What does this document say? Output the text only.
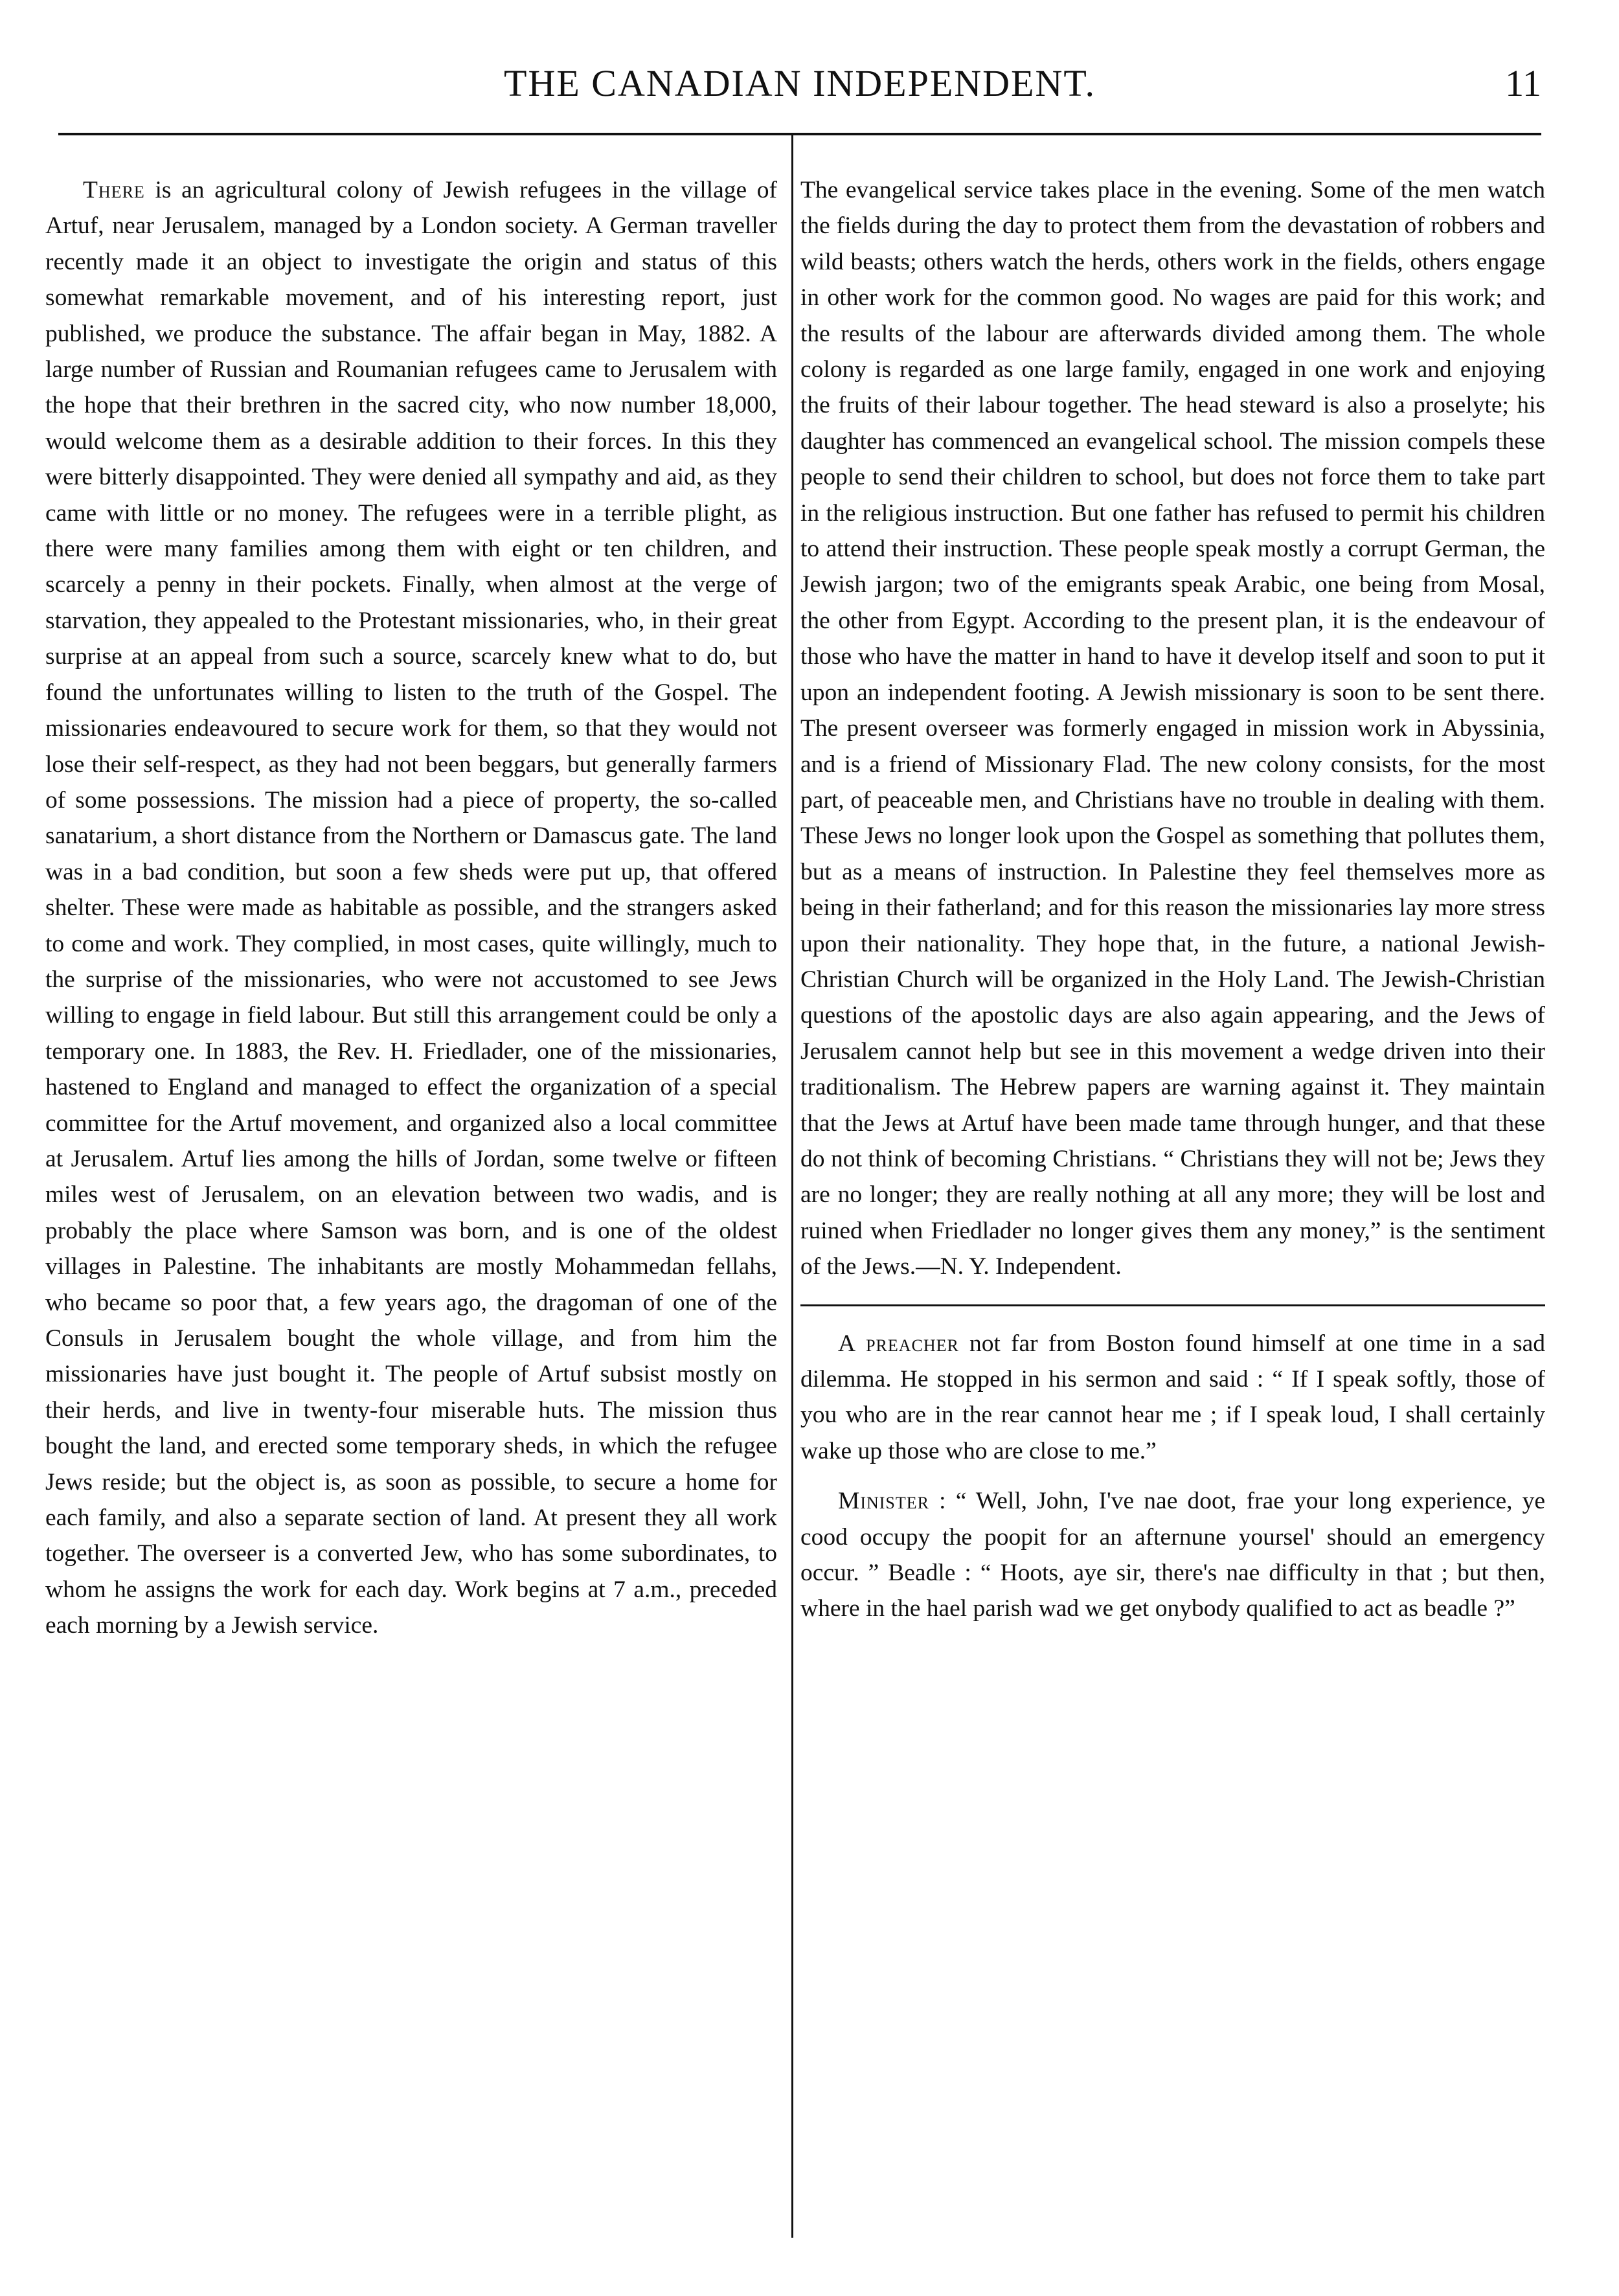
THE CANADIAN INDEPENDENT.	11

There is an agricultural colony of Jewish refugees in the village of Artuf, near Jerusalem, managed by a London society. A German traveller recently made it an object to investigate the origin and status of this somewhat remarkable movement, and of his interesting report, just published, we produce the substance. The affair began in May, 1882. A large number of Russian and Roumanian refugees came to Jerusalem with the hope that their brethren in the sacred city, who now number 18,000, would welcome them as a desirable addition to their forces. In this they were bitterly disappointed. They were denied all sympathy and aid, as they came with little or no money. The refugees were in a terrible plight, as there were many families among them with eight or ten children, and scarcely a penny in their pockets. Finally, when almost at the verge of starvation, they appealed to the Protestant missionaries, who, in their great surprise at an appeal from such a source, scarcely knew what to do, but found the unfortunates willing to listen to the truth of the Gospel. The missionaries endeavoured to secure work for them, so that they would not lose their self-respect, as they had not been beggars, but generally farmers of some possessions. The mission had a piece of property, the so-called sanatarium, a short distance from the Northern or Damascus gate. The land was in a bad condition, but soon a few sheds were put up, that offered shelter. These were made as habitable as possible, and the strangers asked to come and work. They complied, in most cases, quite willingly, much to the surprise of the missionaries, who were not accustomed to see Jews willing to engage in field labour. But still this arrangement could be only a temporary one. In 1883, the Rev. H. Friedlader, one of the missionaries, hastened to England and managed to effect the organization of a special committee for the Artuf movement, and organized also a local committee at Jerusalem. Artuf lies among the hills of Jordan, some twelve or fifteen miles west of Jerusalem, on an elevation between two wadis, and is probably the place where Samson was born, and is one of the oldest villages in Palestine. The inhabitants are mostly Mohammedan fellahs, who became so poor that, a few years ago, the dragoman of one of the Consuls in Jerusalem bought the whole village, and from him the missionaries have just bought it. The people of Artuf subsist mostly on their herds, and live in twenty-four miserable huts. The mission thus bought the land, and erected some temporary sheds, in which the refugee Jews reside; but the object is, as soon as possible, to secure a home for each family, and also a separate section of land. At present they all work together. The overseer is a converted Jew, who has some subordinates, to whom he assigns the work for each day. Work begins at 7 a.m., preceded each morning by a Jewish service.

The evangelical service takes place in the evening. Some of the men watch the fields during the day to protect them from the devastation of robbers and wild beasts; others watch the herds, others work in the fields, others engage in other work for the common good. No wages are paid for this work; and the results of the labour are afterwards divided among them. The whole colony is regarded as one large family, engaged in one work and enjoying the fruits of their labour together. The head steward is also a proselyte; his daughter has commenced an evangelical school. The mission compels these people to send their children to school, but does not force them to take part in the religious instruction. But one father has refused to permit his children to attend their instruction. These people speak mostly a corrupt German, the Jewish jargon; two of the emigrants speak Arabic, one being from Mosal, the other from Egypt. According to the present plan, it is the endeavour of those who have the matter in hand to have it develop itself and soon to put it upon an independent footing. A Jewish missionary is soon to be sent there. The present overseer was formerly engaged in mission work in Abyssinia, and is a friend of Missionary Flad. The new colony consists, for the most part, of peaceable men, and Christians have no trouble in dealing with them. These Jews no longer look upon the Gospel as something that pollutes them, but as a means of instruction. In Palestine they feel themselves more as being in their fatherland; and for this reason the missionaries lay more stress upon their nationality. They hope that, in the future, a national Jewish-Christian Church will be organized in the Holy Land. The Jewish-Christian questions of the apostolic days are also again appearing, and the Jews of Jerusalem cannot help but see in this movement a wedge driven into their traditionalism. The Hebrew papers are warning against it. They maintain that the Jews at Artuf have been made tame through hunger, and that these do not think of becoming Christians. “ Christians they will not be; Jews they are no longer; they are really nothing at all any more; they will be lost and ruined when Friedlader no longer gives them any money,” is the sentiment of the Jews.—N. Y. Independent.

A preacher not far from Boston found himself at one time in a sad dilemma. He stopped in his sermon and said : “ If I speak softly, those of you who are in the rear cannot hear me ; if I speak loud, I shall certainly wake up those who are close to me.”

Minister : “ Well, John, I've nae doot, frae your long experience, ye cood occupy the poopit for an afternune yoursel' should an emergency occur. ” Beadle : “ Hoots, aye sir, there's nae difficulty in that ; but then, where in the hael parish wad we get onybody qualified to act as beadle ?”
